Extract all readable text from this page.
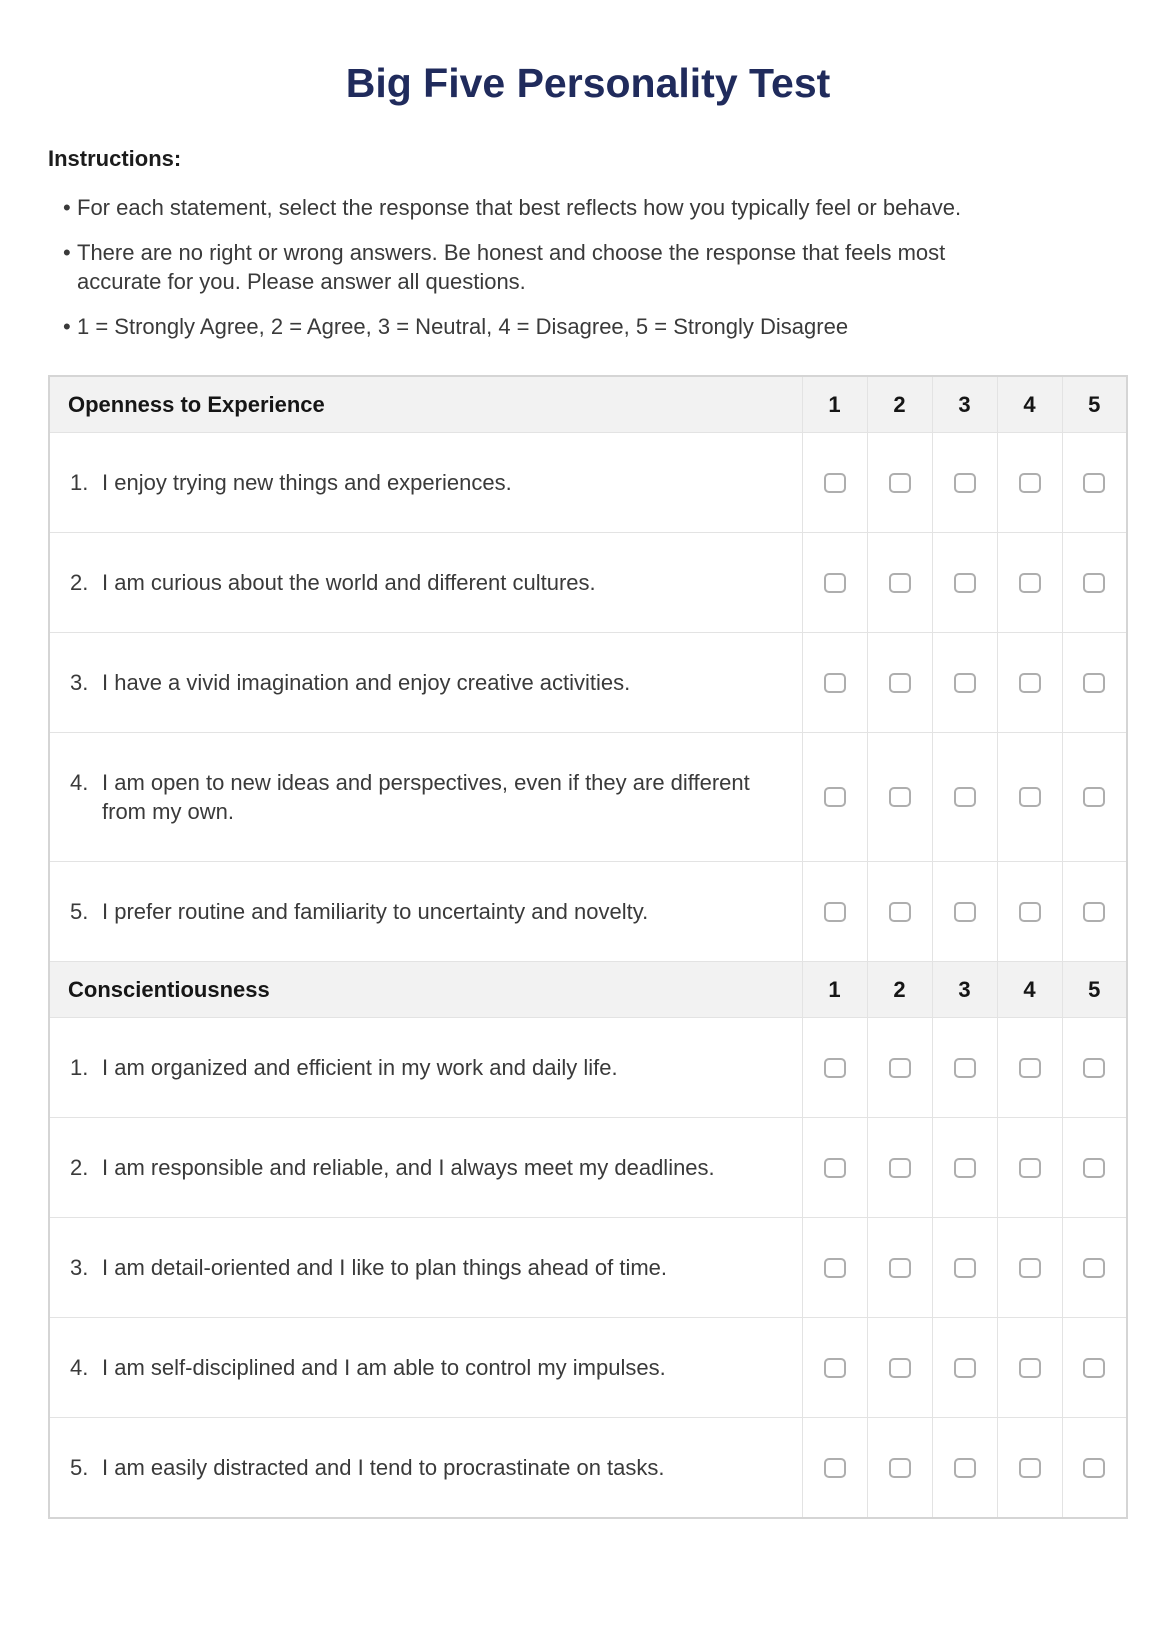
Big Five Personality Test
Instructions:
• For each statement, select the response that best reflects how you typically feel or behave.
• There are no right or wrong answers. Be honest and choose the response that feels most accurate for you. Please answer all questions.
• 1 = Strongly Agree, 2 = Agree, 3 = Neutral, 4 = Disagree, 5 = Strongly Disagree
Openness to Experience	1	2	3	4	5
1. I enjoy trying new things and experiences.	

2. I am curious about the world and different cultures.	

3. I have a vivid imagination and enjoy creative activities.	

4. I am open to new ideas and perspectives, even if they are different from my own.	

5. I prefer routine and familiarity to uncertainty and novelty.	

Conscientiousness	1	2	3	4	5
1. I am organized and efficient in my work and daily life.	

2. I am responsible and reliable, and I always meet my deadlines.	

3. I am detail-oriented and I like to plan things ahead of time.	

4. I am self-disciplined and I am able to control my impulses.	

5. I am easily distracted and I tend to procrastinate on tasks.	
